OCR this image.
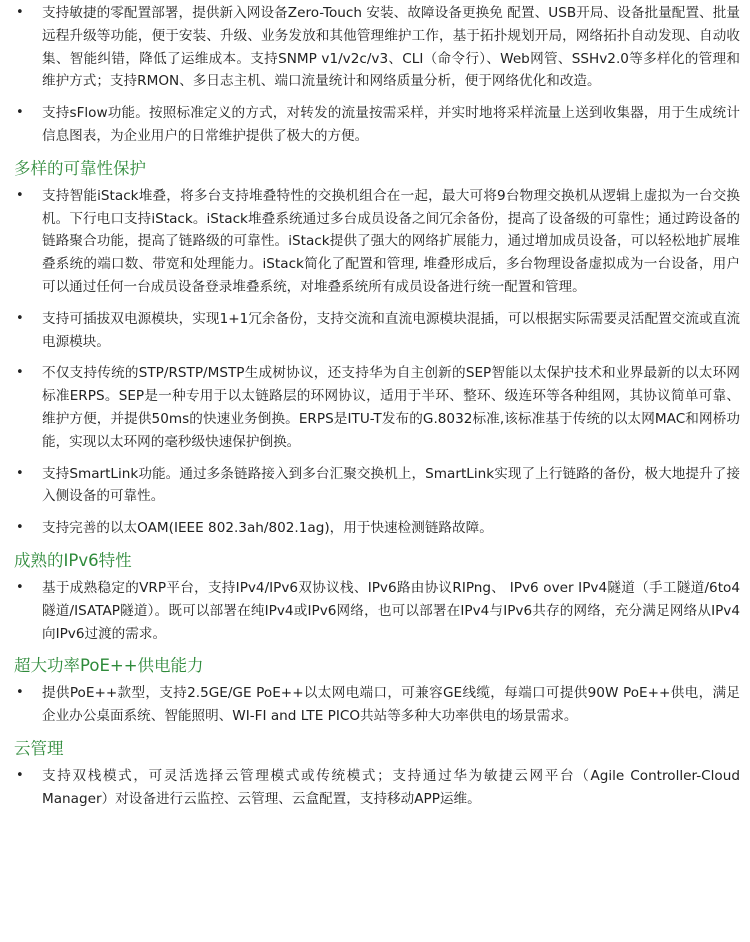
• 支持敏捷的零配置部署，提供新入网设备Zero-Touch 安装、故障设备更换免 配置、USB开局、设备批量配置、批量远程升级等功能，便于安装、升级、业务发放和其他管理维护工作，基于拓扑规划开局，网络拓扑自动发现、自动收集、智能纠错，降低了运维成本。支持SNMP v1/v2c/v3、CLI（命令行）、Web网管、SSHv2.0等多样化的管理和维护方式；支持RMON、多日志主机、端口流量统计和网络质量分析，便于网络优化和改造。
• 支持sFlow功能。按照标准定义的方式，对转发的流量按需采样，并实时地将采样流量上送到收集器，用于生成统计信息图表，为企业用户的日常维护提供了极大的方便。
多样的可靠性保护
• 支持智能iStack堆叠，将多台支持堆叠特性的交换机组合在一起，最大可将9台物理交换机从逻辑上虚拟为一台交换机。下行电口支持iStack。iStack堆叠系统通过多台成员设备之间冗余备份，提高了设备级的可靠性；通过跨设备的链路聚合功能，提高了链路级的可靠性。iStack提供了强大的网络扩展能力，通过增加成员设备，可以轻松地扩展堆叠系统的端口数、带宽和处理能力。iStack简化了配置和管理, 堆叠形成后，多台物理设备虚拟成为一台设备，用户可以通过任何一台成员设备登录堆叠系统，对堆叠系统所有成员设备进行统一配置和管理。
• 支持可插拔双电源模块，实现1+1冗余备份，支持交流和直流电源模块混插，可以根据实际需要灵活配置交流或直流电源模块。
• 不仅支持传统的STP/RSTP/MSTP生成树协议，还支持华为自主创新的SEP智能以太保护技术和业界最新的以太环网标准ERPS。SEP是一种专用于以太链路层的环网协议，适用于半环、整环、级连环等各种组网，其协议简单可靠、维护方便，并提供50ms的快速业务倒换。ERPS是ITU-T发布的G.8032标准,该标准基于传统的以太网MAC和网桥功能，实现以太环网的毫秒级快速保护倒换。
• 支持SmartLink功能。通过多条链路接入到多台汇聚交换机上，SmartLink实现了上行链路的备份，极大地提升了接入侧设备的可靠性。
• 支持完善的以太OAM(IEEE 802.3ah/802.1ag)，用于快速检测链路故障。
成熟的IPv6特性
• 基于成熟稳定的VRP平台，支持IPv4/IPv6双协议栈、IPv6路由协议RIPng、 IPv6 over IPv4隧道（手工隧道/6to4隧道/ISATAP隧道）。既可以部署在纯IPv4或IPv6网络，也可以部署在IPv4与IPv6共存的网络，充分满足网络从IPv4向IPv6过渡的需求。
超大功率PoE++供电能力
• 提供PoE++款型，支持2.5GE/GE PoE++以太网电端口，可兼容GE线缆，每端口可提供90W PoE++供电，满足企业办公桌面系统、智能照明、WI-FI and LTE PICO共站等多种大功率供电的场景需求。
云管理
• 支持双栈模式，可灵活选择云管理模式或传统模式；支持通过华为敏捷云网平台（Agile Controller-Cloud Manager）对设备进行云监控、云管理、云盒配置，支持移动APP运维。
